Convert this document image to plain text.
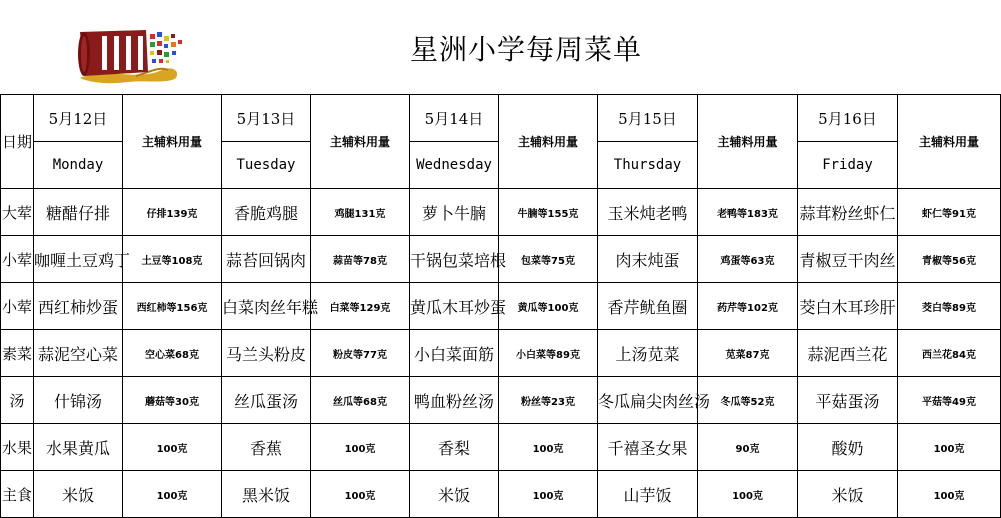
星洲小学每周菜单
日期	5月12日	主辅料用量	5月13日	主辅料用量	5月14日	主辅料用量	5月15日	主辅料用量	5月16日	主辅料用量
	Monday		Tuesday		Wednesday		Thursday		Friday	
大荤	糖醋仔排	仔排139克	香脆鸡腿	鸡腿131克	萝卜牛腩	牛腩等155克	玉米炖老鸭	老鸭等183克	蒜茸粉丝虾仁	虾仁等91克
小荤	咖喱土豆鸡丁	土豆等108克	蒜苔回锅肉	蒜苗等78克	干锅包菜培根	包菜等75克	肉末炖蛋	鸡蛋等63克	青椒豆干肉丝	青椒等56克
小荤	西红柿炒蛋	西红柿等156克	白菜肉丝年糕	白菜等129克	黄瓜木耳炒蛋	黄瓜等100克	香芹鱿鱼圈	药芹等102克	茭白木耳珍肝	茭白等89克
素菜	蒜泥空心菜	空心菜68克	马兰头粉皮	粉皮等77克	小白菜面筋	小白菜等89克	上汤苋菜	苋菜87克	蒜泥西兰花	西兰花84克
汤	什锦汤	蘑菇等30克	丝瓜蛋汤	丝瓜等68克	鸭血粉丝汤	粉丝等23克	冬瓜扁尖肉丝汤	冬瓜等52克	平菇蛋汤	平菇等49克
水果	水果黄瓜	100克	香蕉	100克	香梨	100克	千禧圣女果	90克	酸奶	100克
主食	米饭	100克	黑米饭	100克	米饭	100克	山芋饭	100克	米饭	100克
